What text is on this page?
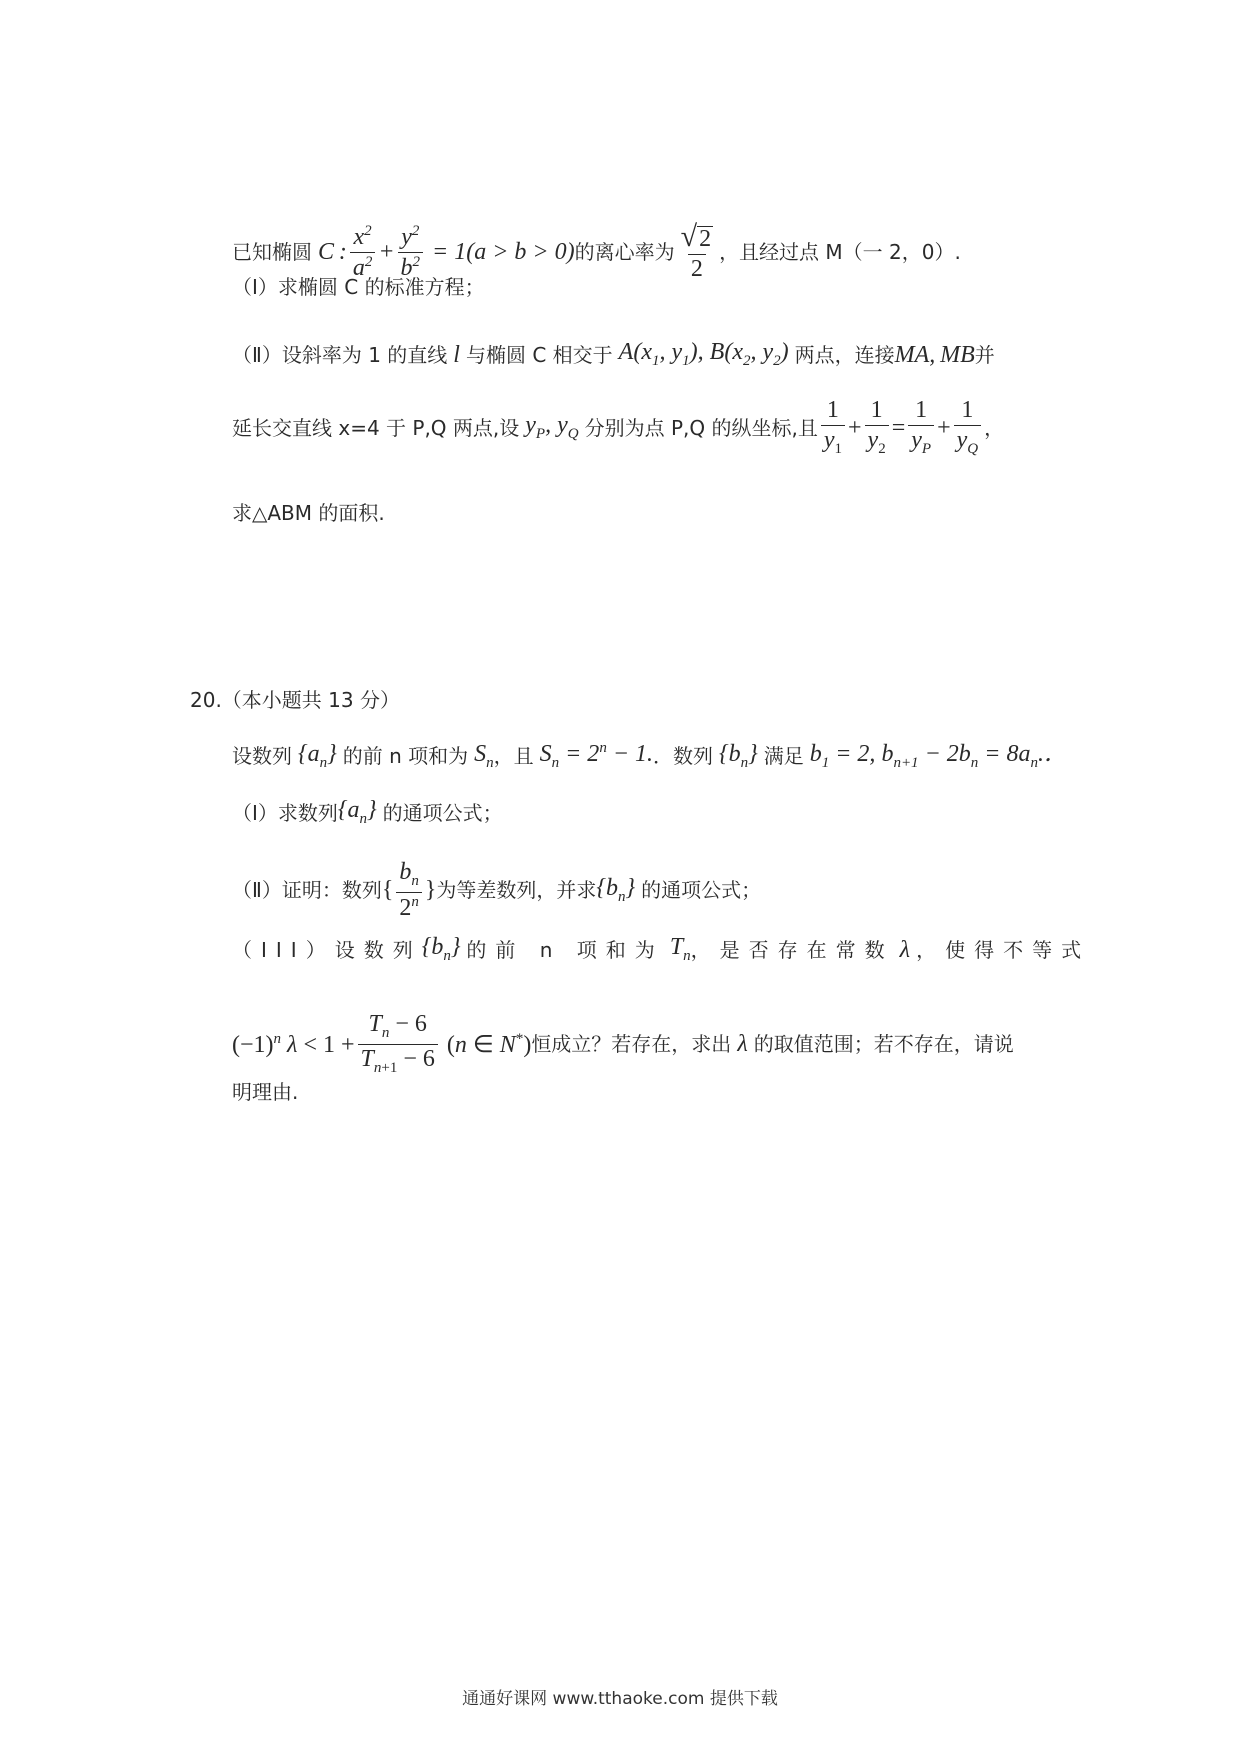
已知椭圆 C : $\frac{x^2}{a^2} + \frac{y^2}{b^2} = 1$( a > b > 0) 的离心率为 $\frac{√ 2}{2}$ ，且经过点 M（一 2，0）.
（I）求椭圆 C 的标准方程；
（Ⅱ）设斜率为 1 的直线 l 与椭圆 C 相交于 $A(x_1$, $y_1$), $B(x_2$, $y_2$) 两点，连接 MA, MB 并
延长交直线 x=4 于 P,Q 两点,设 $y_P$, $y_Q$ 分别为点 P,Q 的纵坐标,且 $\frac{1}{y_1} + \frac{1}{y_2} = \frac{1}{y_P} + \frac{1}{y_Q}$ ，
求△ABM 的面积.
20.（本小题共 13 分）
设数列 $\{a_n\}$ 的前 n 项和为 $S_n$ ，且 $S_n = 2^n - 1$. ．数列 $\{b_n\}$ 满足 $b_1 = 2$, $b_{n+1} - 2b_n = 8a_n$.．
（I）求数列 $\{a_n\}$ 的通项公式；
（Ⅱ）证明：数列 { $\frac{b_n}{2^n}$ } 为等差数列，并求 $\{b_n\}$ 的通项公式；
（III）设数列 $\{b_n\}$ 的前 n 项和为 $T_n$ ，是否存在常数 λ ，使得不等式
$(-1)^n$ $\lambda < 1 + \frac{T_n - 6}{T_{n+1} - 6} (n$ ∈ N*) 恒成立？若存在，求出 λ 的取值范围；若不存在，请说
明理由.
通通好课网 www.tthaoke.com 提供下载
